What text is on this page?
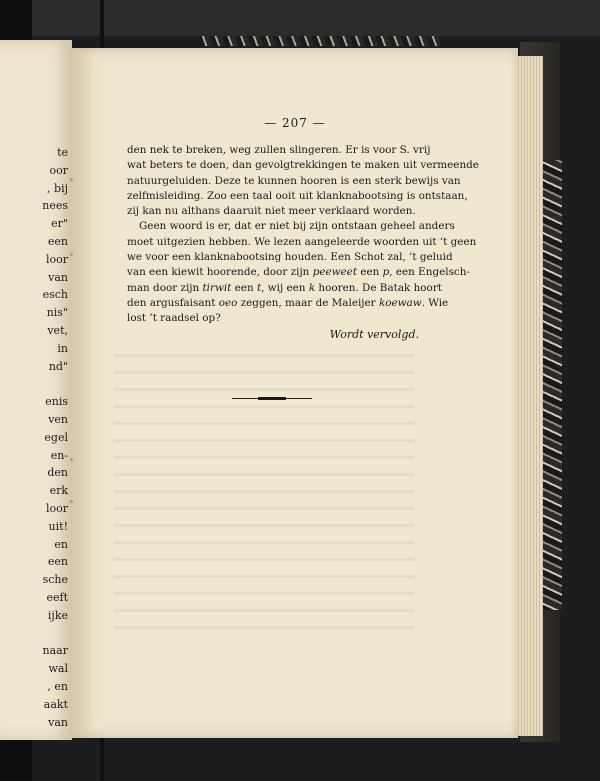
te
oor
, bij
nees
er"
een
loor
van
esch
nis"
vet,
in
nd"

enis
ven
egel
en-
den
erk
loor
uit!
en
een
sche
eeft
ijke

naar
wal
, en
aakt
van
— 207 —
den nek te breken, weg zullen slingeren. Er is voor S. vrij
wat beters te doen, dan gevolgtrekkingen te maken uit vermeende
natuurgeluiden. Deze te kunnen hooren is een sterk bewijs van
zelfmisleiding. Zoo een taal ooit uit klanknabootsing is ontstaan,
zij kan nu althans daaruit niet meer verklaard worden.
Geen woord is er, dat er niet bij zijn ontstaan geheel anders
moet uitgezien hebben. We lezen aangeleerde woorden uit ’t geen
we voor een klanknabootsing houden. Een Schot zal, ’t geluid
van een kiewit hoorende, door zijn peeweet een p, een Engelsch-
man door zijn tirwit een t, wij een k hooren. De Batak hoort
den argusfaisant oeo zeggen, maar de Maleijer koewaw. Wie
lost ’t raadsel op?
Wordt vervolgd.
